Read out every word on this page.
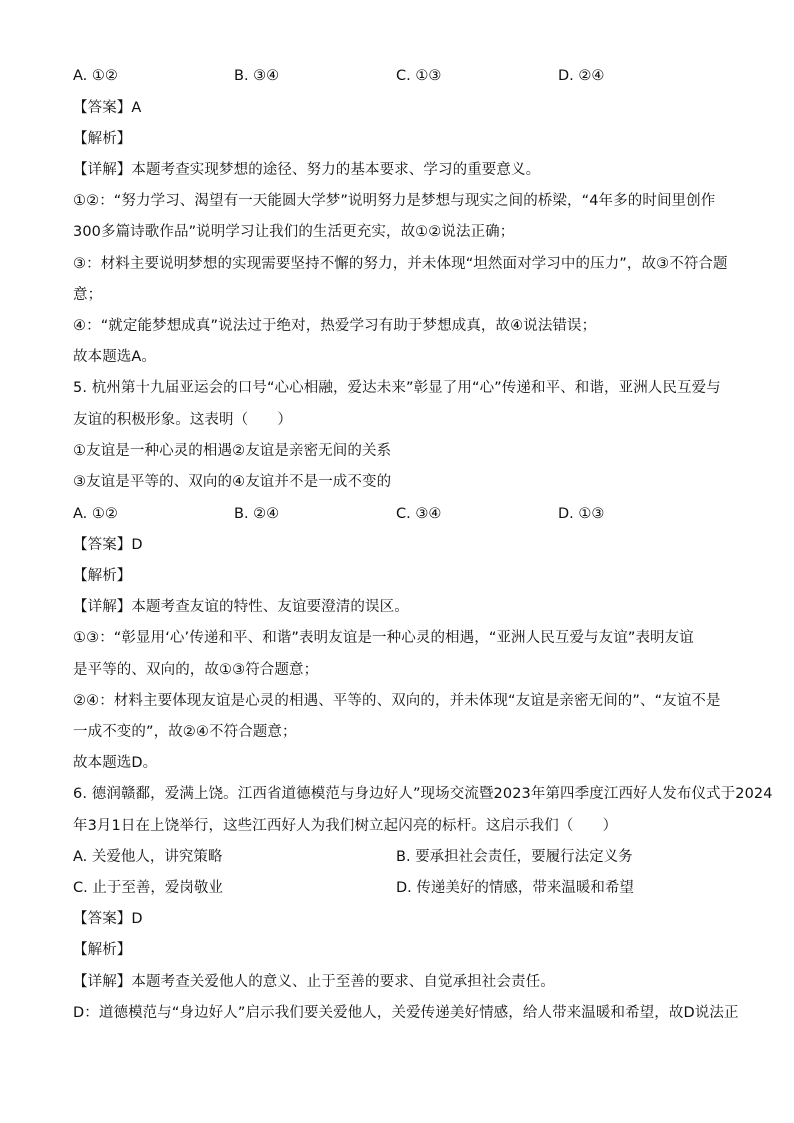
A. ①②	B. ③④	C. ①③	D. ②④
【答案】A
【解析】
【详解】本题考查实现梦想的途径、努力的基本要求、学习的重要意义。
①②：“努力学习、渴望有一天能圆大学梦”说明努力是梦想与现实之间的桥梁，“4年多的时间里创作
300多篇诗歌作品”说明学习让我们的生活更充实，故①②说法正确；
③：材料主要说明梦想的实现需要坚持不懈的努力，并未体现“坦然面对学习中的压力”，故③不符合题
意；
④：“就定能梦想成真”说法过于绝对，热爱学习有助于梦想成真，故④说法错误；
故本题选A。
5. 杭州第十九届亚运会的口号“心心相融，爱达未来”彰显了用“心”传递和平、和谐，亚洲人民互爱与
友谊的积极形象。这表明（　　）
①友谊是一种心灵的相遇②友谊是亲密无间的关系
③友谊是平等的、双向的④友谊并不是一成不变的
A. ①②	B. ②④	C. ③④	D. ①③
【答案】D
【解析】
【详解】本题考查友谊的特性、友谊要澄清的误区。
①③：“彰显用‘心’传递和平、和谐”表明友谊是一种心灵的相遇，“亚洲人民互爱与友谊”表明友谊
是平等的、双向的，故①③符合题意；
②④：材料主要体现友谊是心灵的相遇、平等的、双向的，并未体现“友谊是亲密无间的”、“友谊不是
一成不变的”，故②④不符合题意；
故本题选D。
6. 德润赣鄱，爱满上饶。江西省道德模范与身边好人”现场交流暨2023年第四季度江西好人发布仪式于2024
年3月1日在上饶举行，这些江西好人为我们树立起闪亮的标杆。这启示我们（　　）
A. 关爱他人，讲究策略	B. 要承担社会责任，要履行法定义务
C. 止于至善，爱岗敬业	D. 传递美好的情感，带来温暖和希望
【答案】D
【解析】
【详解】本题考查关爱他人的意义、止于至善的要求、自觉承担社会责任。
D：道德模范与“身边好人”启示我们要关爱他人，关爱传递美好情感，给人带来温暖和希望，故D说法正
